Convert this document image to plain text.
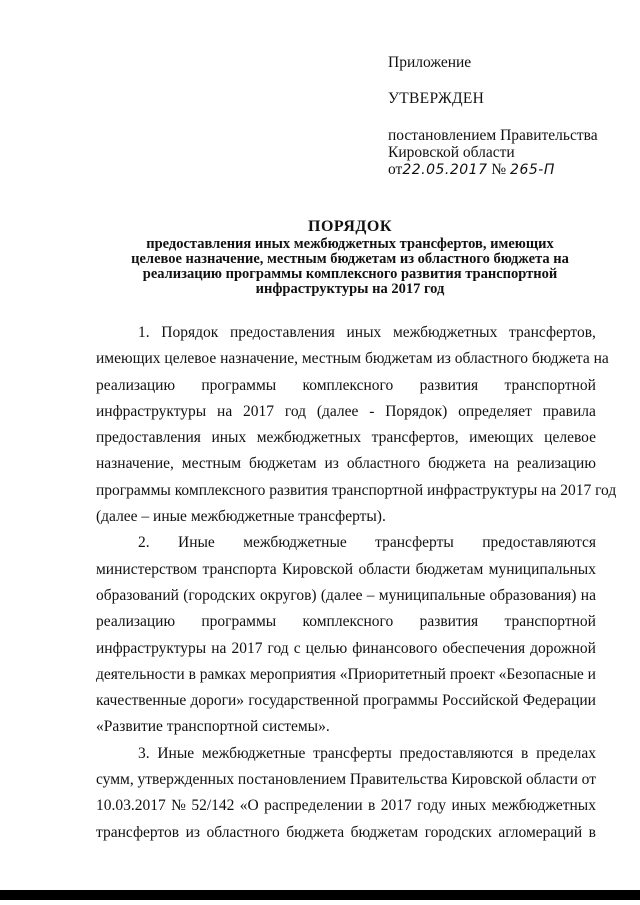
Приложение
УТВЕРЖДЕН
постановлением Правительства
Кировской области
от22.05.2017 № 265-П
ПОРЯДОК
предоставления иных межбюджетных трансфертов, имеющих
целевое назначение, местным бюджетам из областного бюджета на
реализацию программы комплексного развития транспортной
инфраструктуры на 2017 год
1. Порядок предоставления иных межбюджетных трансфертов,
имеющих целевое назначение, местным бюджетам из областного бюджета на
реализацию программы комплексного развития транспортной
инфраструктуры на 2017 год (далее - Порядок) определяет правила
предоставления иных межбюджетных трансфертов, имеющих целевое
назначение, местным бюджетам из областного бюджета на реализацию
программы комплексного развития транспортной инфраструктуры на 2017 год
(далее – иные межбюджетные трансферты).
2. Иные межбюджетные трансферты предоставляются
министерством транспорта Кировской области бюджетам муниципальных
образований (городских округов) (далее – муниципальные образования) на
реализацию программы комплексного развития транспортной
инфраструктуры на 2017 год с целью финансового обеспечения дорожной
деятельности в рамках мероприятия «Приоритетный проект «Безопасные и
качественные дороги» государственной программы Российской Федерации
«Развитие транспортной системы».
3. Иные межбюджетные трансферты предоставляются в пределах
сумм, утвержденных постановлением Правительства Кировской области от
10.03.2017 № 52/142 «О распределении в 2017 году иных межбюджетных
трансфертов из областного бюджета бюджетам городских агломераций в
